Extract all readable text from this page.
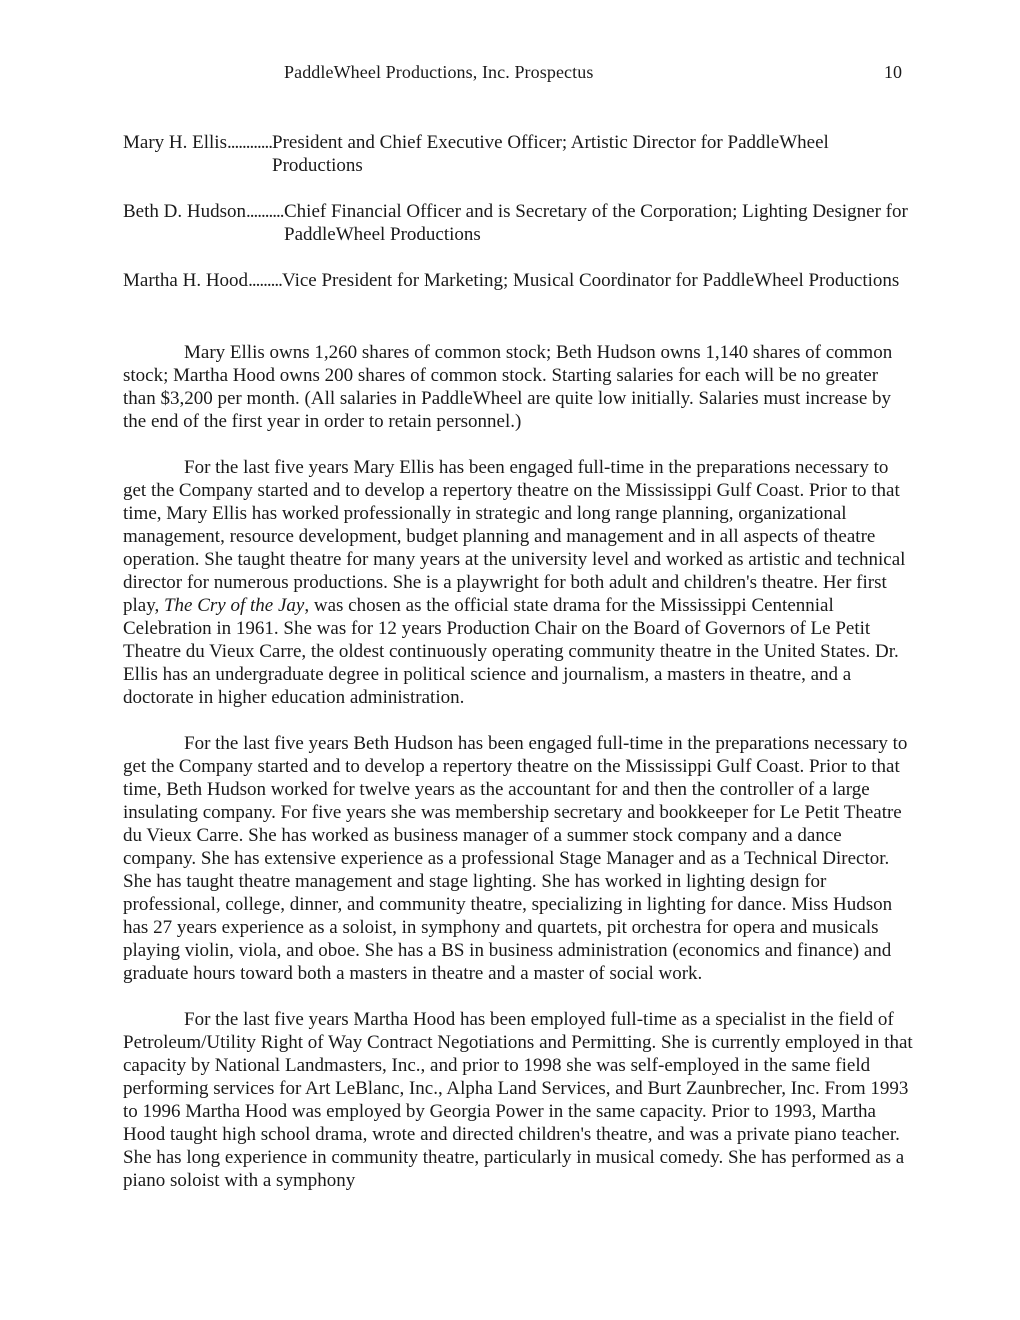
PaddleWheel Productions, Inc. Prospectus	10
Mary H. Ellis............ President and Chief Executive Officer; Artistic Director for PaddleWheel Productions
Beth D. Hudson.......... Chief Financial Officer and is Secretary of the Corporation; Lighting Designer for PaddleWheel Productions
Martha H. Hood......... Vice President for Marketing; Musical Coordinator for PaddleWheel Productions

Mary Ellis owns 1,260 shares of common stock; Beth Hudson owns 1,140 shares of common stock; Martha Hood owns 200 shares of common stock. Starting salaries for each will be no greater than $3,200 per month. (All salaries in PaddleWheel are quite low initially. Salaries must increase by the end of the first year in order to retain personnel.)

For the last five years Mary Ellis has been engaged full-time in the preparations necessary to get the Company started and to develop a repertory theatre on the Mississippi Gulf Coast. Prior to that time, Mary Ellis has worked professionally in strategic and long range planning, organizational management, resource development, budget planning and management and in all aspects of theatre operation. She taught theatre for many years at the university level and worked as artistic and technical director for numerous productions. She is a playwright for both adult and children's theatre. Her first play, The Cry of the Jay, was chosen as the official state drama for the Mississippi Centennial Celebration in 1961. She was for 12 years Production Chair on the Board of Governors of Le Petit Theatre du Vieux Carre, the oldest continuously operating community theatre in the United States. Dr. Ellis has an undergraduate degree in political science and journalism, a masters in theatre, and a doctorate in higher education administration.

For the last five years Beth Hudson has been engaged full-time in the preparations necessary to get the Company started and to develop a repertory theatre on the Mississippi Gulf Coast. Prior to that time, Beth Hudson worked for twelve years as the accountant for and then the controller of a large insulating company. For five years she was membership secretary and bookkeeper for Le Petit Theatre du Vieux Carre. She has worked as business manager of a summer stock company and a dance company. She has extensive experience as a professional Stage Manager and as a Technical Director. She has taught theatre management and stage lighting. She has worked in lighting design for professional, college, dinner, and community theatre, specializing in lighting for dance. Miss Hudson has 27 years experience as a soloist, in symphony and quartets, pit orchestra for opera and musicals playing violin, viola, and oboe. She has a BS in business administration (economics and finance) and graduate hours toward both a masters in theatre and a master of social work.

For the last five years Martha Hood has been employed full-time as a specialist in the field of Petroleum/Utility Right of Way Contract Negotiations and Permitting. She is currently employed in that capacity by National Landmasters, Inc., and prior to 1998 she was self-employed in the same field performing services for Art LeBlanc, Inc., Alpha Land Services, and Burt Zaunbrecher, Inc. From 1993 to 1996 Martha Hood was employed by Georgia Power in the same capacity. Prior to 1993, Martha Hood taught high school drama, wrote and directed children's theatre, and was a private piano teacher. She has long experience in community theatre, particularly in musical comedy. She has performed as a piano soloist with a symphony
